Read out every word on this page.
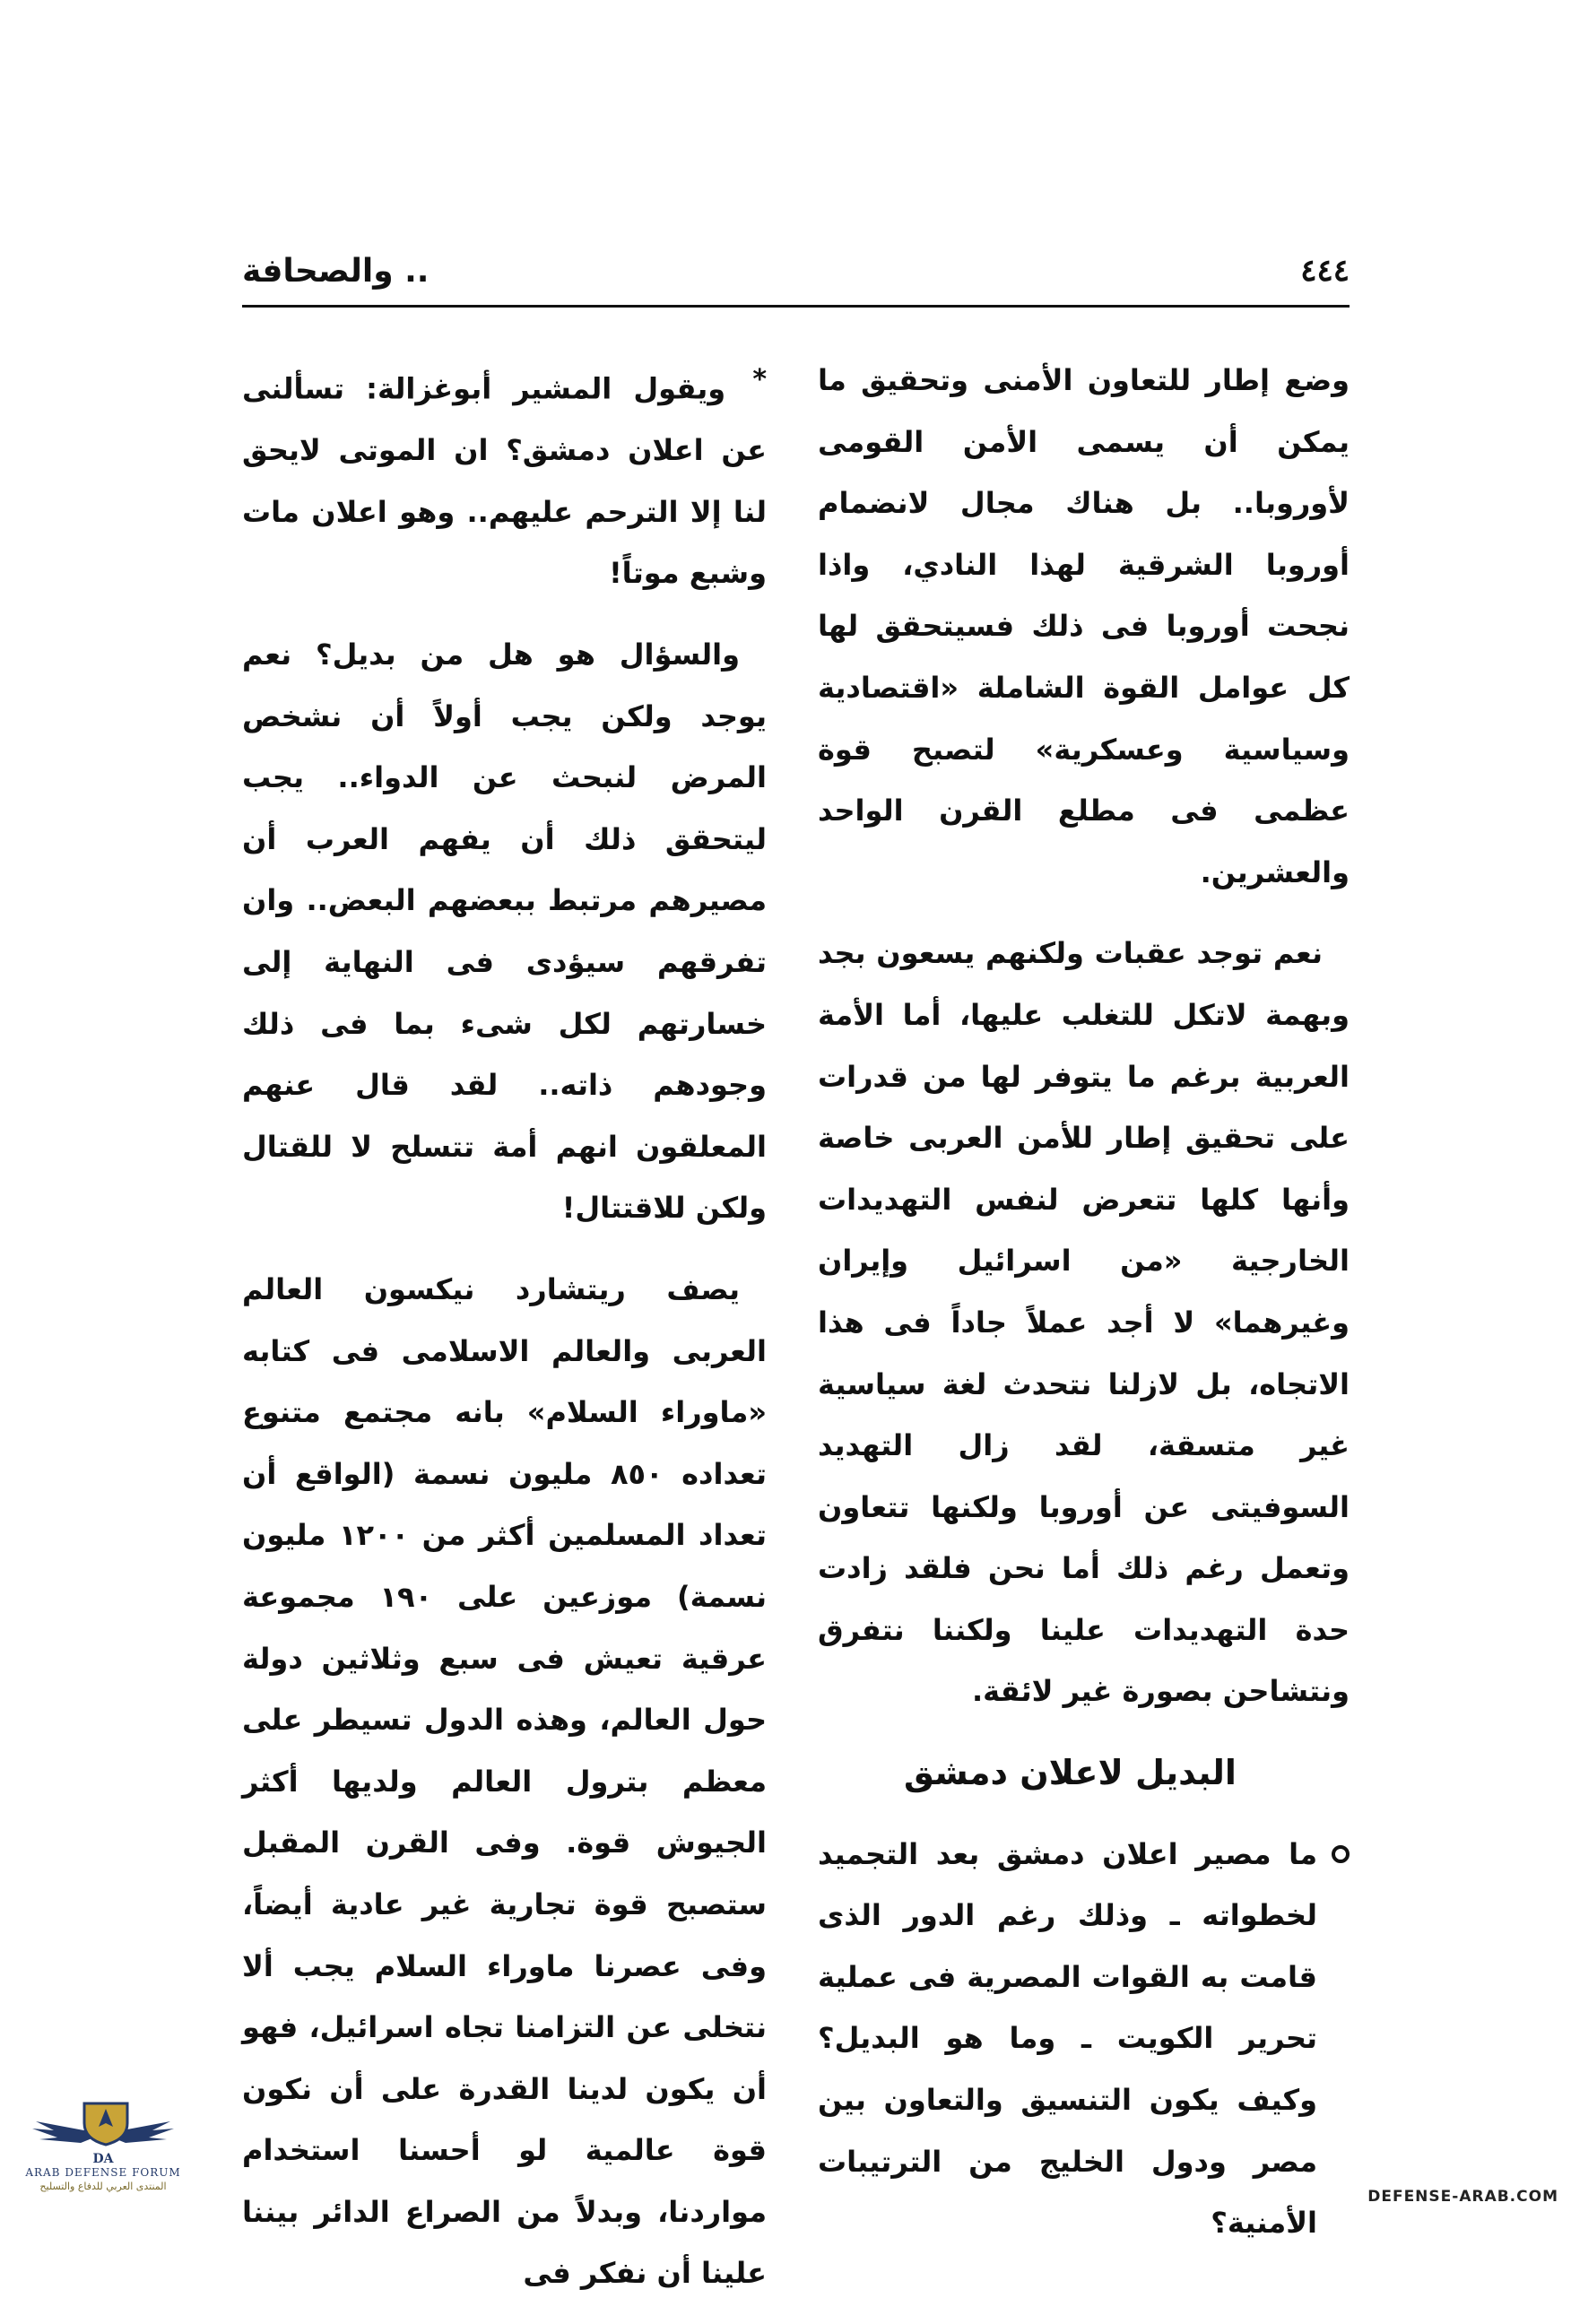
٤٤٤
.. والصحافة

وضع إطار للتعاون الأمنى وتحقيق ما يمكن أن يسمى الأمن القومى لأوروبا.. بل هناك مجال لانضمام أوروبا الشرقية لهذا النادي، واذا نجحت أوروبا فى ذلك فسيتحقق لها كل عوامل القوة الشاملة «اقتصادية وسياسية وعسكرية» لتصبح قوة عظمى فى مطلع القرن الواحد والعشرين.

نعم توجد عقبات ولكنهم يسعون بجد وبهمة لاتكل للتغلب عليها، أما الأمة العربية برغم ما يتوفر لها من قدرات على تحقيق إطار للأمن العربى خاصة وأنها كلها تتعرض لنفس التهديدات الخارجية «من اسرائيل وإيران وغيرهما» لا أجد عملاً جاداً فى هذا الاتجاه، بل لازلنا نتحدث لغة سياسية غير متسقة، لقد زال التهديد السوفيتى عن أوروبا ولكنها تتعاون وتعمل رغم ذلك أما نحن فلقد زادت حدة التهديدات علينا ولكننا نتفرق ونتشاحن بصورة غير لائقة.

البديل لاعلان دمشق

ما مصير اعلان دمشق بعد التجميد لخطواته ـ وذلك رغم الدور الذى قامت به القوات المصرية فى عملية تحرير الكويت ـ وما هو البديل؟ وكيف يكون التنسيق والتعاون بين مصر ودول الخليج من الترتيبات الأمنية؟

* ويقول المشير أبوغزالة: تسألنى عن اعلان دمشق؟ ان الموتى لايحق لنا إلا الترحم عليهم.. وهو اعلان مات وشبع موتاً!

والسؤال هو هل من بديل؟ نعم يوجد ولكن يجب أولاً أن نشخص المرض لنبحث عن الدواء.. يجب ليتحقق ذلك أن يفهم العرب أن مصيرهم مرتبط ببعضهم البعض.. وان تفرقهم سيؤدى فى النهاية إلى خسارتهم لكل شىء بما فى ذلك وجودهم ذاته.. لقد قال عنهم المعلقون انهم أمة تتسلح لا للقتال ولكن للاقتتال!

يصف ريتشارد نيكسون العالم العربى والعالم الاسلامى فى كتابه «ماوراء السلام» بانه مجتمع متنوع تعداده ٨٥٠ مليون نسمة (الواقع أن تعداد المسلمين أكثر من ١٢٠٠ مليون نسمة) موزعين على ١٩٠ مجموعة عرقية تعيش فى سبع وثلاثين دولة حول العالم، وهذه الدول تسيطر على معظم بترول العالم ولديها أكثر الجيوش قوة. وفى القرن المقبل ستصبح قوة تجارية غير عادية أيضاً، وفى عصرنا ماوراء السلام يجب ألا نتخلى عن التزامنا تجاه اسرائيل، فهو أن يكون لدينا القدرة على أن نكون قوة عالمية لو أحسنا استخدام مواردنا، وبدلاً من الصراع الدائر بيننا علينا أن نفكر فى

DA
ARAB DEFENSE FORUM
المنتدى العربي للدفاع والتسليح
DEFENSE-ARAB.COM
